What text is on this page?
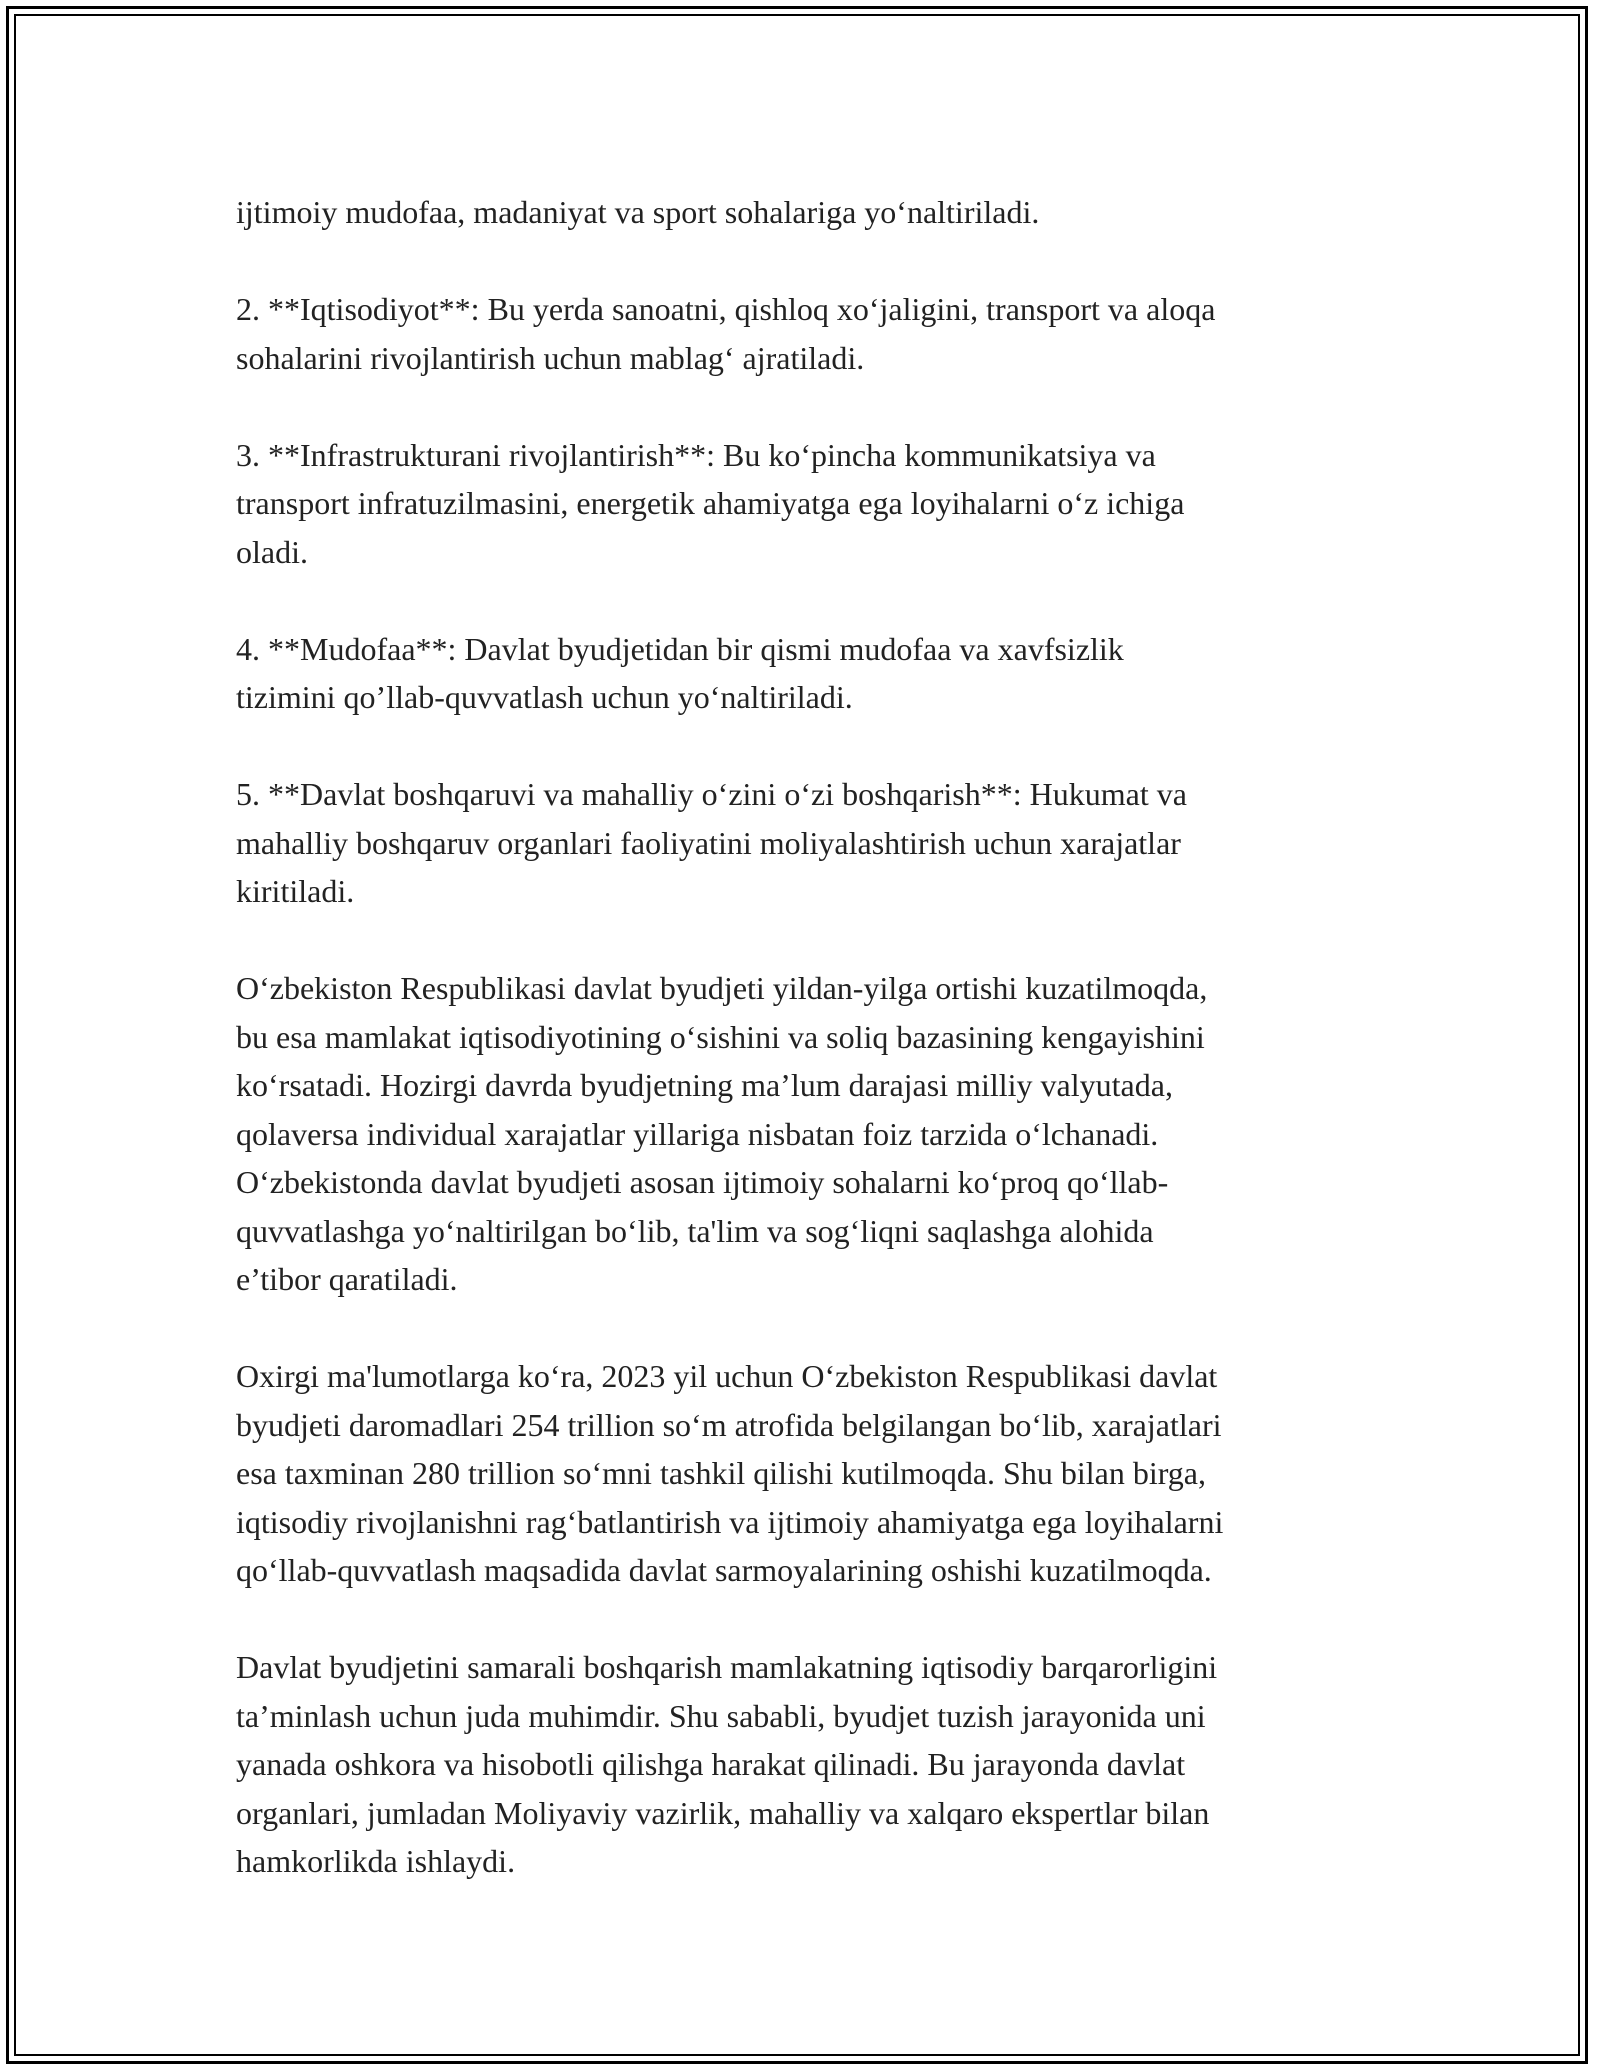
ijtimoiy mudofaa, madaniyat va sport sohalariga yo‘naltiriladi.

2. **Iqtisodiyot**: Bu yerda sanoatni, qishloq xo‘jaligini, transport va aloqa
sohalarini rivojlantirish uchun mablag‘ ajratiladi.

3. **Infrastrukturani rivojlantirish**: Bu ko‘pincha kommunikatsiya va
transport infratuzilmasini, energetik ahamiyatga ega loyihalarni o‘z ichiga
oladi.

4. **Mudofaa**: Davlat byudjetidan bir qismi mudofaa va xavfsizlik
tizimini qo’llab-quvvatlash uchun yo‘naltiriladi.

5. **Davlat boshqaruvi va mahalliy o‘zini o‘zi boshqarish**: Hukumat va
mahalliy boshqaruv organlari faoliyatini moliyalashtirish uchun xarajatlar
kiritiladi.

O‘zbekiston Respublikasi davlat byudjeti yildan-yilga ortishi kuzatilmoqda,
bu esa mamlakat iqtisodiyotining o‘sishini va soliq bazasining kengayishini
ko‘rsatadi. Hozirgi davrda byudjetning ma’lum darajasi milliy valyutada,
qolaversa individual xarajatlar yillariga nisbatan foiz tarzida o‘lchanadi.
O‘zbekistonda davlat byudjeti asosan ijtimoiy sohalarni ko‘proq qo‘llab-
quvvatlashga yo‘naltirilgan bo‘lib, ta'lim va sog‘liqni saqlashga alohida
e’tibor qaratiladi.

Oxirgi ma'lumotlarga ko‘ra, 2023 yil uchun O‘zbekiston Respublikasi davlat
byudjeti daromadlari 254 trillion so‘m atrofida belgilangan bo‘lib, xarajatlari
esa taxminan 280 trillion so‘mni tashkil qilishi kutilmoqda. Shu bilan birga,
iqtisodiy rivojlanishni rag‘batlantirish va ijtimoiy ahamiyatga ega loyihalarni
qo‘llab-quvvatlash maqsadida davlat sarmoyalarining oshishi kuzatilmoqda.

Davlat byudjetini samarali boshqarish mamlakatning iqtisodiy barqarorligini
ta’minlash uchun juda muhimdir. Shu sababli, byudjet tuzish jarayonida uni
yanada oshkora va hisobotli qilishga harakat qilinadi. Bu jarayonda davlat
organlari, jumladan Moliyaviy vazirlik, mahalliy va xalqaro ekspertlar bilan
hamkorlikda ishlaydi.
